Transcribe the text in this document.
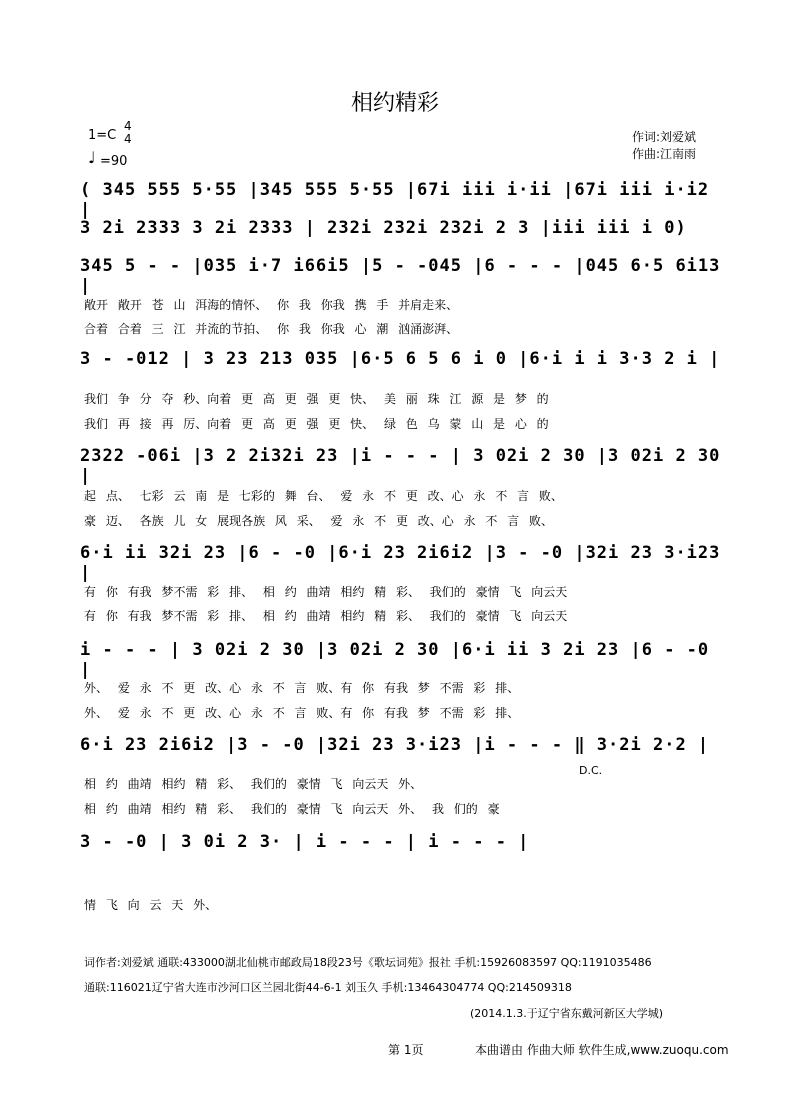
相约精彩
1=C
4
4
♩ =90
作词:刘爱斌
作曲:江南雨
( 345 555 5·55 |345 555 5·55 |67i iii i·ii |67i iii i·i2 |
3 2i 2333 3 2i 2333 | 232i 232i 232i 2 3 |iii iii i 0)
345 5 - - |035 i·7 i66i5 |5 - -045 |6 - - - |045 6·5 6i13 |
3 - -012 | 3 23 213 035 |6·5 6 5 6 i 0 |6·i i i 3·3 2 i |
2322 -06i |3 2 2i32i 23 |i - - - | 3 02i 2 30 |3 02i 2 30 |
6·i ii 32i 23 |6 - -0 |6·i 23 2i6i2 |3 - -0 |32i 23 3·i23 |
i - - - | 3 02i 2 30 |3 02i 2 30 |6·i ii 3 2i 23 |6 - -0 |
6·i 23 2i6i2 |3 - -0 |32i 23 3·i23 |i - - - ‖ 3·2i 2·2 |
D.C.
3 - -0 | 3 0i 2 3· | i - - - | i - - - |
敞开 敞开 苍 山 洱海的情怀、 你 我 你我 携 手 并肩走来、
合着 合着 三 江 并流的节拍、 你 我 你我 心 潮 汹涌澎湃、
我们 争 分 夺 秒、向着 更 高 更 强 更 快、 美 丽 珠 江 源 是 梦 的
我们 再 接 再 厉、向着 更 高 更 强 更 快、 绿 色 乌 蒙 山 是 心 的
起 点、 七彩 云 南 是 七彩的 舞 台、 爱 永 不 更 改、心 永 不 言 败、
豪 迈、 各族 儿 女 展现各族 风 采、 爱 永 不 更 改、心 永 不 言 败、
有 你 有我 梦不需 彩 排、 相 约 曲靖 相约 精 彩、 我们的 豪情 飞 向云天
有 你 有我 梦不需 彩 排、 相 约 曲靖 相约 精 彩、 我们的 豪情 飞 向云天
外、 爱 永 不 更 改、心 永 不 言 败、有 你 有我 梦 不需 彩 排、
外、 爱 永 不 更 改、心 永 不 言 败、有 你 有我 梦 不需 彩 排、
相 约 曲靖 相约 精 彩、 我们的 豪情 飞 向云天 外、
相 约 曲靖 相约 精 彩、 我们的 豪情 飞 向云天 外、 我 们的 豪
情 飞 向 云 天 外、
词作者:刘爱斌 通联:433000湖北仙桃市邮政局18段23号《歌坛词苑》报社 手机:15926083597 QQ:1191035486
通联:116021辽宁省大连市沙河口区兰园北街44-6-1 刘玉久 手机:13464304774 QQ:214509318
(2014.1.3.于辽宁省东戴河新区大学城)
第 1页	本曲谱由 作曲大师 软件生成,www.zuoqu.com
